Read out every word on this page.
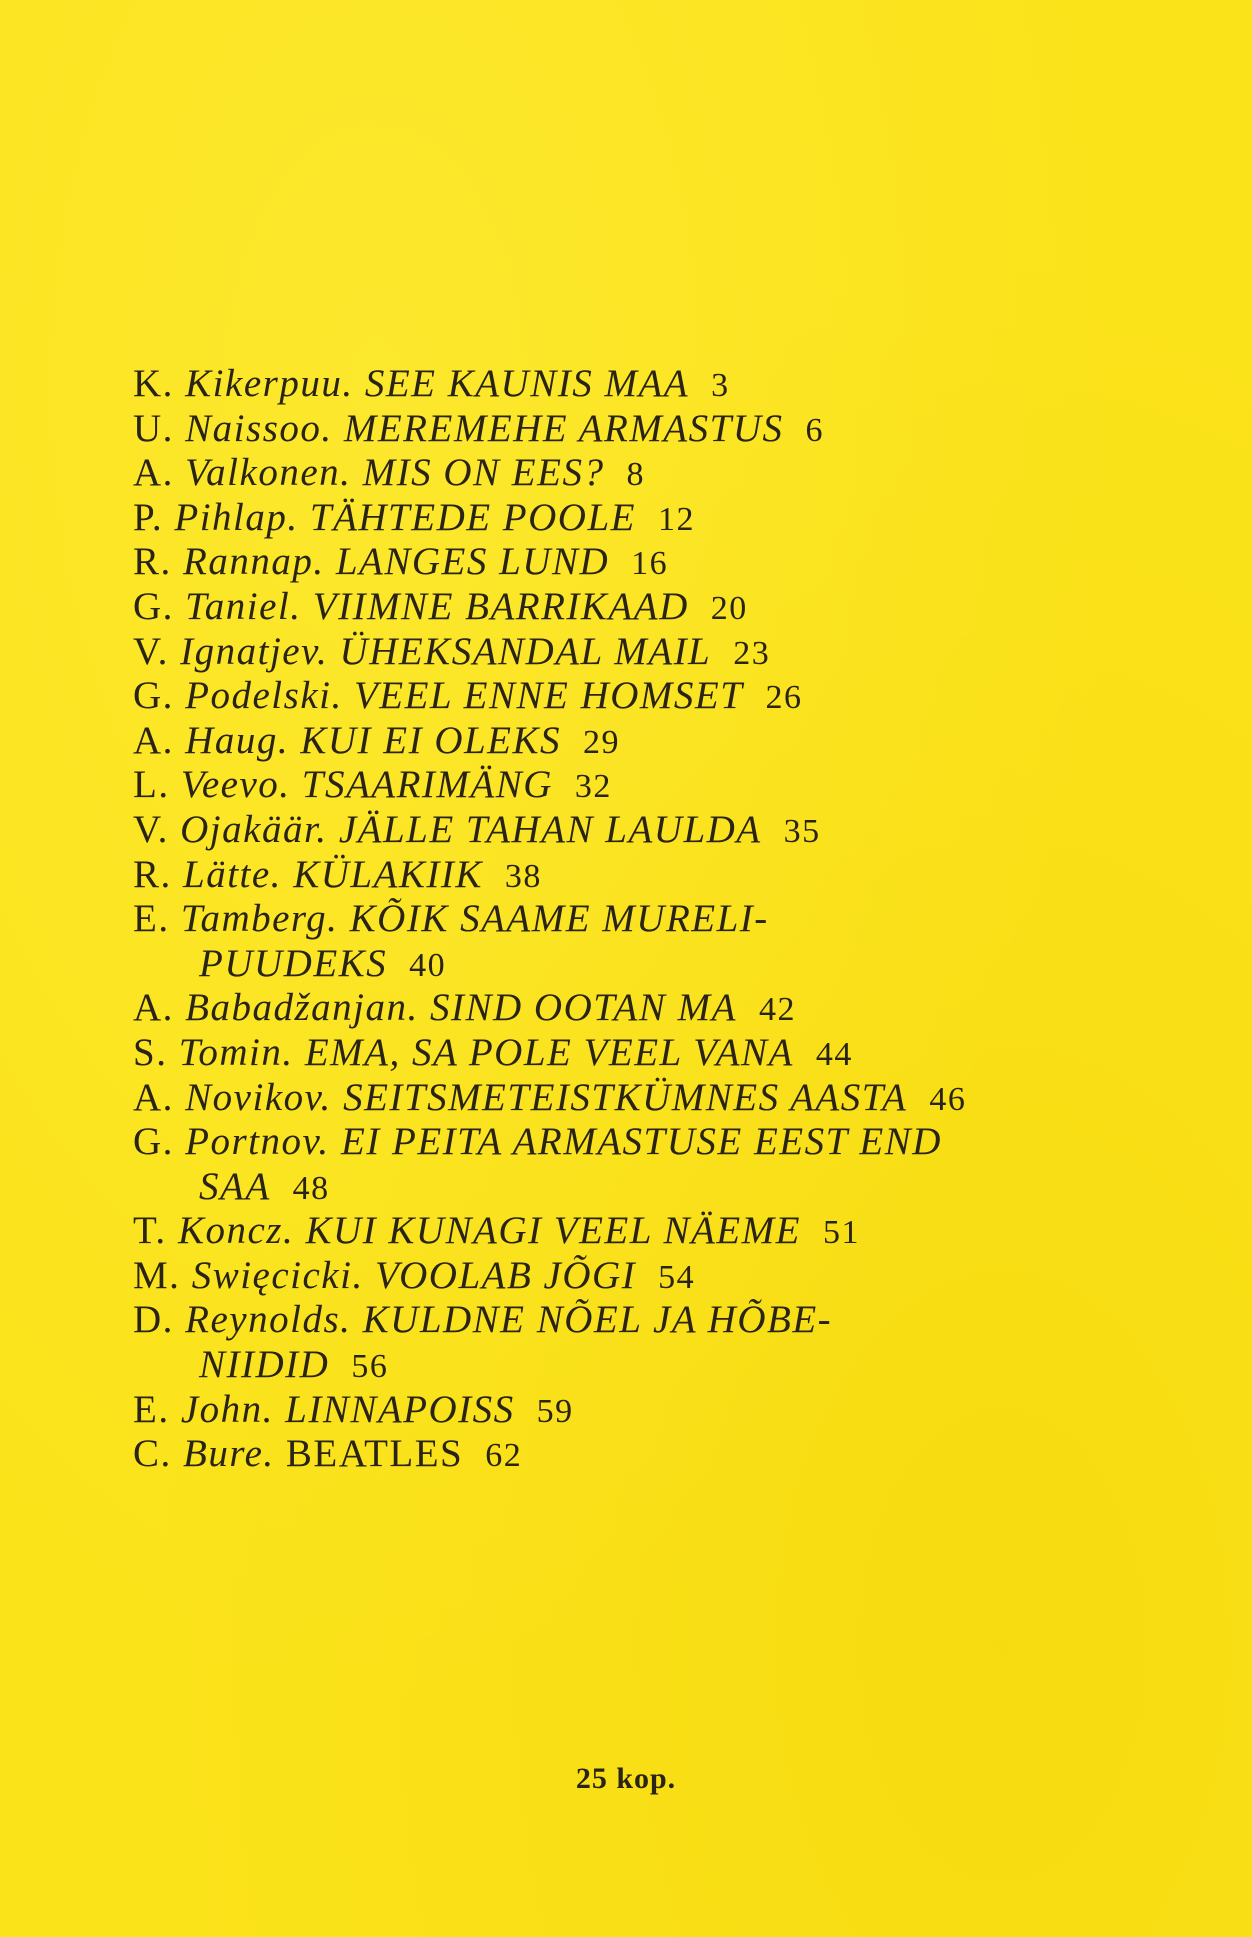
K. Kikerpuu. SEE KAUNIS MAA 3
U. Naissoo. MEREMEHE ARMASTUS 6
A. Valkonen. MIS ON EES? 8
P. Pihlap. TÄHTEDE POOLE 12
R. Rannap. LANGES LUND 16
G. Taniel. VIIMNE BARRIKAAD 20
V. Ignatjev. ÜHEKSANDAL MAIL 23
G. Podelski. VEEL ENNE HOMSET 26
A. Haug. KUI EI OLEKS 29
L. Veevo. TSAARIMÄNG 32
V. Ojakäär. JÄLLE TAHAN LAULDA 35
R. Lätte. KÜLAKIIK 38
E. Tamberg. KÕIK SAAME MURELI-
PUUDEKS 40
A. Babadžanjan. SIND OOTAN MA 42
S. Tomin. EMA, SA POLE VEEL VANA 44
A. Novikov. SEITSMETEISTKÜMNES AASTA 46
G. Portnov. EI PEITA ARMASTUSE EEST END
SAA 48
T. Koncz. KUI KUNAGI VEEL NÄEME 51
M. Swięcicki. VOOLAB JÕGI 54
D. Reynolds. KULDNE NÕEL JA HÕBE-
NIIDID 56
E. John. LINNAPOISS 59
C. Bure. BEATLES 62
25 kop.
